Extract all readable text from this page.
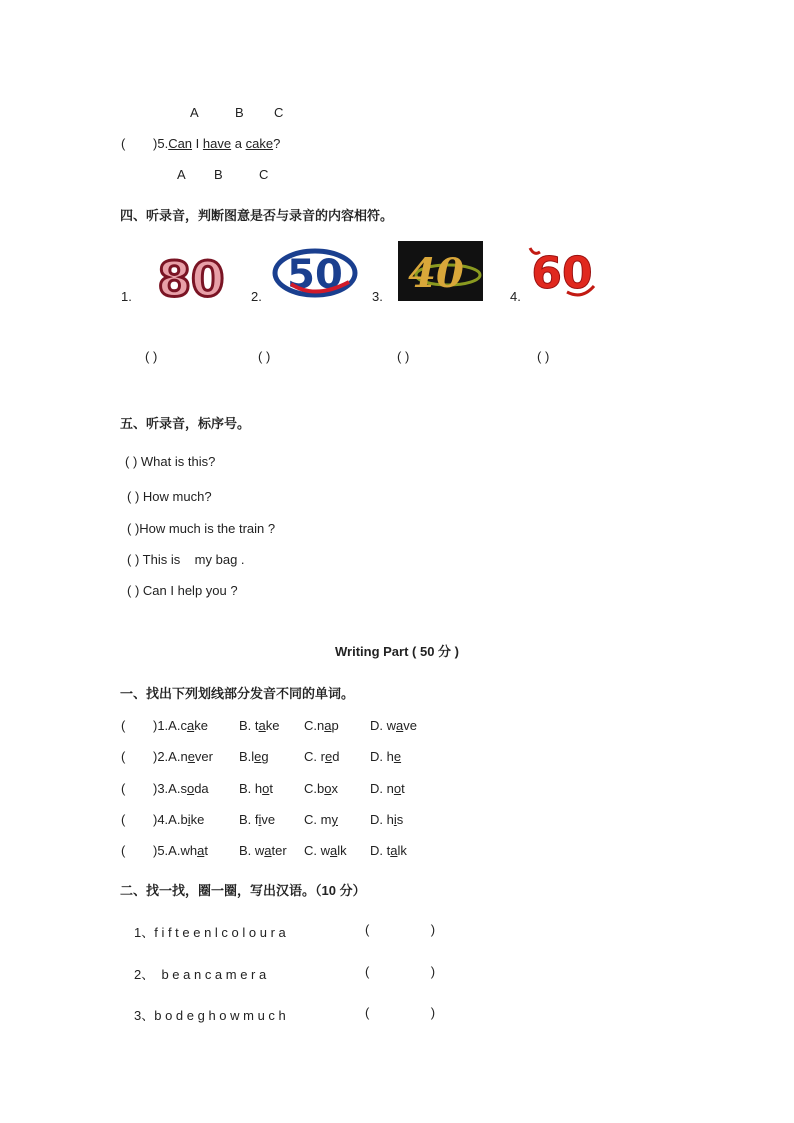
A	B C
( )5.Can I have a cake?
A B	C
四、听录音，判断图意是否与录音的内容相符。
1. 80 2. 50 3. 40	4. 60
( )	( )	( )	( )
五、听录音，标序号。
( ) What is this?
( ) How much?
( )How much is the train ?
( ) This is    my bag .
( ) Can I help you ?
Writing Part ( 50 分 )
一、找出下列划线部分发音不同的单词。
( )1.A.cake B. take C.nap D. wave
( )2.A.never B.leg	C. red D. he
( )3.A.soda B. hot C.box D. not
( )4.A.bike	B. five C. my D. his
( )5.A.what B. water C. walk D. talk
二、找一找，圈一圈，写出汉语。（10 分）
1、f i f t e e n l c o l o u r a	(                 )
2、  b e a n c a m e r a	(                 )
3、b o d e g h o w m u c h	(                 )
